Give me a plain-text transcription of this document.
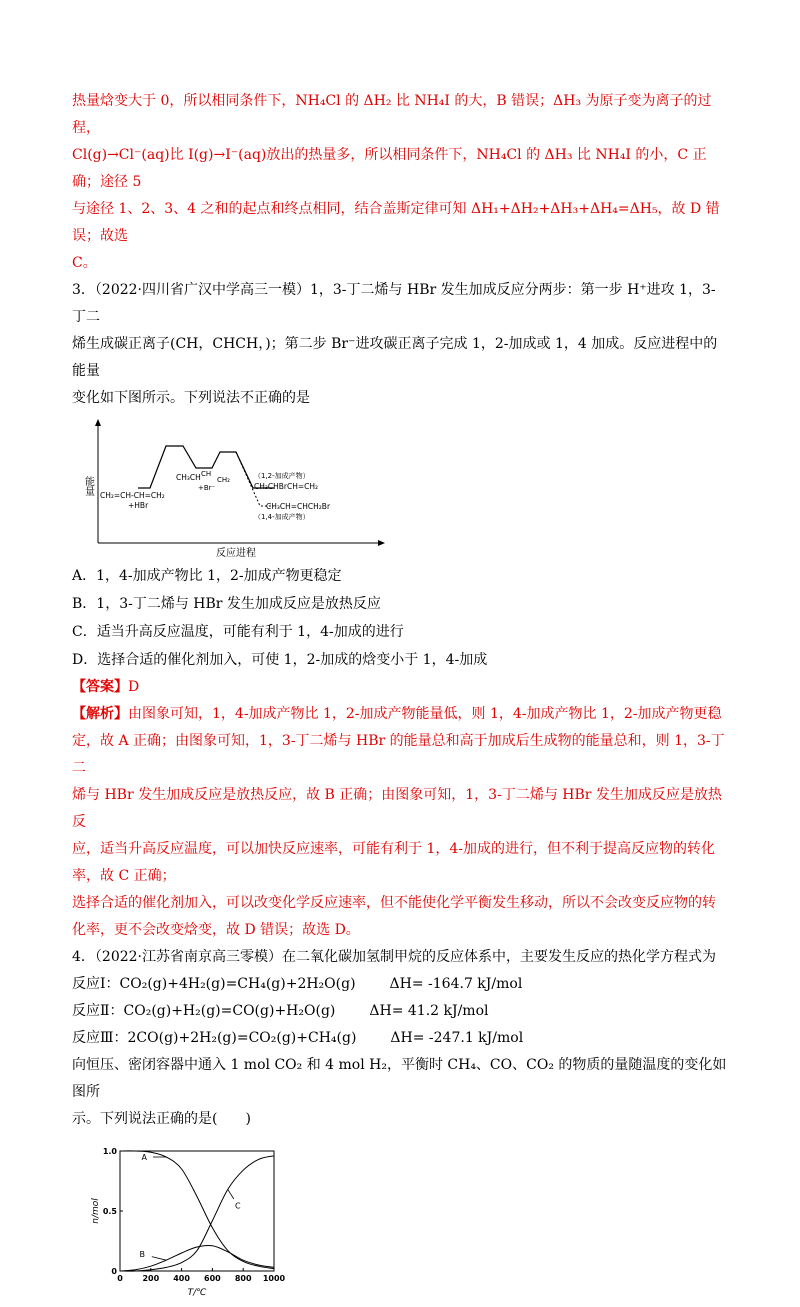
热量焓变大于 0，所以相同条件下，NH₄Cl 的 ΔH₂ 比 NH₄I 的大，B 错误；ΔH₃ 为原子变为离子的过程，

Cl(g)→Cl⁻(aq)比 I(g)→I⁻(aq)放出的热量多，所以相同条件下，NH₄Cl 的 ΔH₃ 比 NH₄I 的小，C 正确；途径 5

与途径 1、2、3、4 之和的起点和终点相同，结合盖斯定律可知 ΔH₁+ΔH₂+ΔH₃+ΔH₄=ΔH₅，故 D 错误；故选

C。

3．（2022·四川省广汉中学高三一模）1，3-丁二烯与 HBr 发生加成反应分两步：第一步 H⁺进攻 1，3-丁二

烯生成碳正离子(CH，CHCH，)；第二步 Br⁻进攻碳正离子完成 1，2-加成或 1，4 加成。反应进程中的能量

变化如下图所示。下列说法不正确的是

能量
反应进程
CH₂=CH-CH=CH₂
+HBr
CH₃CH CH
CH₂
+Br⁻
（1,2-加成产物）
CH₃CHBrCH=CH₂
CH₃CH=CHCH₂Br
（1,4-加成产物）

A．1，4-加成产物比 1，2-加成产物更稳定

B．1，3-丁二烯与 HBr 发生加成反应是放热反应

C．适当升高反应温度，可能有利于 1，4-加成的进行

D．选择合适的催化剂加入，可使 1，2-加成的焓变小于 1，4-加成

【答案】D

【解析】由图象可知，1，4-加成产物比 1，2-加成产物能量低，则 1，4-加成产物比 1，2-加成产物更稳

定，故 A 正确；由图象可知，1，3-丁二烯与 HBr 的能量总和高于加成后生成物的能量总和，则 1，3-丁二

烯与 HBr 发生加成反应是放热反应，故 B 正确；由图象可知，1，3-丁二烯与 HBr 发生加成反应是放热反

应，适当升高反应温度，可以加快反应速率，可能有利于 1，4-加成的进行，但不利于提高反应物的转化

率，故 C 正确；

选择合适的催化剂加入，可以改变化学反应速率，但不能使化学平衡发生移动，所以不会改变反应物的转

化率，更不会改变焓变，故 D 错误；故选 D。

4．（2022·江苏省南京高三零模）在二氧化碳加氢制甲烷的反应体系中，主要发生反应的热化学方程式为

反应Ⅰ：CO₂(g)+4H₂(g)=CH₄(g)+2H₂O(g) ΔH= -164.7 kJ/mol

反应Ⅱ：CO₂(g)+H₂(g)=CO(g)+H₂O(g) ΔH= 41.2 kJ/mol

反应Ⅲ：2CO(g)+2H₂(g)=CO₂(g)+CH₄(g) ΔH= -247.1 kJ/mol

向恒压、密闭容器中通入 1 mol CO₂ 和 4 mol H₂，平衡时 CH₄、CO、CO₂ 的物质的量随温度的变化如图所

示。下列说法正确的是(　　)

0 200 400 600 800 1000
0
0.5
1.0
T/℃
n/mol
A
B
C
